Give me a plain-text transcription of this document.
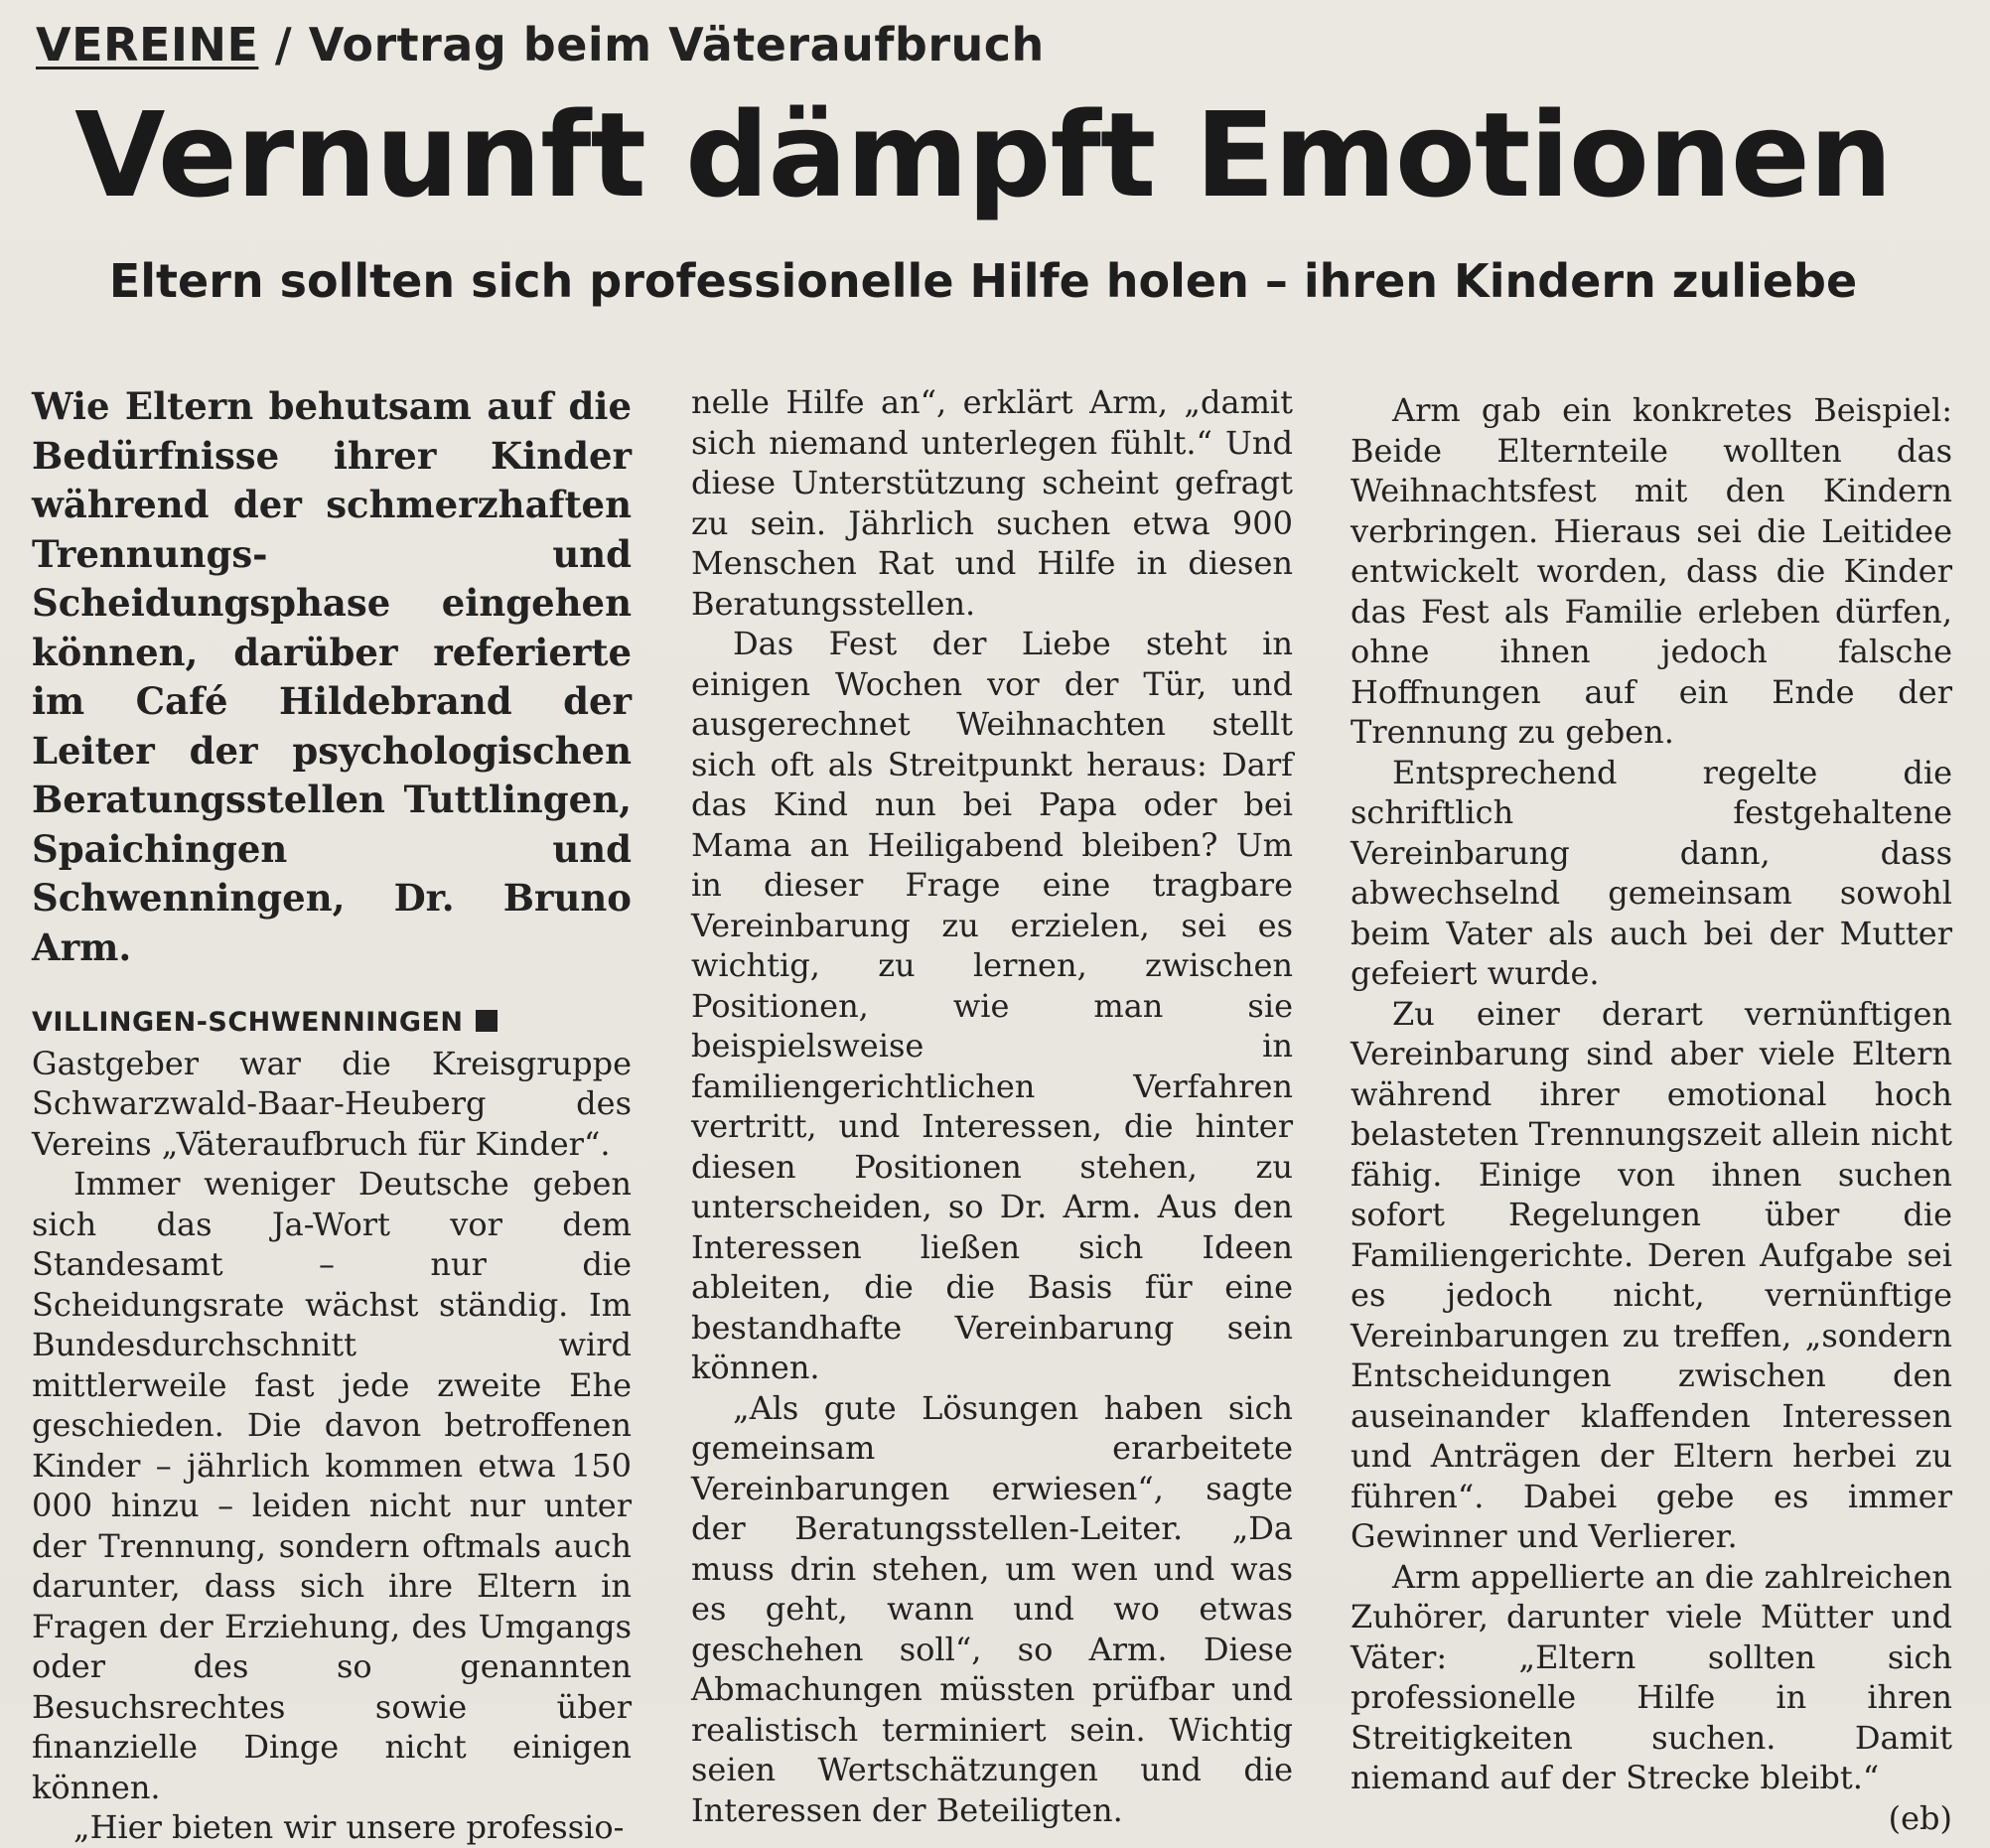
VEREINE / Vortrag beim Väteraufbruch
Vernunft dämpft Emotionen
Eltern sollten sich professionelle Hilfe holen – ihren Kindern zuliebe

Wie Eltern behutsam auf die Bedürfnisse ihrer Kinder während der schmerzhaften Trennungs- und Scheidungsphase eingehen können, darüber referierte im Café Hildebrand der Leiter der psychologischen Beratungsstellen Tuttlingen, Spaichingen und Schwenningen, Dr. Bruno Arm.

VILLINGEN-SCHWENNINGENGastgeber war die Kreisgruppe Schwarzwald-Baar-Heuberg des Vereins „Väteraufbruch für Kinder“.

Immer weniger Deutsche geben sich das Ja-Wort vor dem Standesamt – nur die Scheidungsrate wächst ständig. Im Bundesdurchschnitt wird mittlerweile fast jede zweite Ehe geschieden. Die davon betroffenen Kinder – jährlich kommen etwa 150 000 hinzu – leiden nicht nur unter der Trennung, sondern oftmals auch darunter, dass sich ihre Eltern in Fragen der Erziehung, des Umgangs oder des so genannten Besuchsrechtes sowie über finanzielle Dinge nicht einigen können.

„Hier bieten wir unsere professio-

nelle Hilfe an“, erklärt Arm, „damit sich niemand unterlegen fühlt.“ Und diese Unterstützung scheint gefragt zu sein. Jährlich suchen etwa 900 Menschen Rat und Hilfe in diesen Beratungsstellen.

Das Fest der Liebe steht in einigen Wochen vor der Tür, und ausgerechnet Weihnachten stellt sich oft als Streitpunkt heraus: Darf das Kind nun bei Papa oder bei Mama an Heiligabend bleiben? Um in dieser Frage eine tragbare Vereinbarung zu erzielen, sei es wichtig, zu lernen, zwischen Positionen, wie man sie beispielsweise in familiengerichtlichen Verfahren vertritt, und Interessen, die hinter diesen Positionen stehen, zu unterscheiden, so Dr. Arm. Aus den Interessen ließen sich Ideen ableiten, die die Basis für eine bestandhafte Vereinbarung sein können.

„Als gute Lösungen haben sich gemeinsam erarbeitete Vereinbarungen erwiesen“, sagte der Beratungsstellen-Leiter. „Da muss drin stehen, um wen und was es geht, wann und wo etwas geschehen soll“, so Arm. Diese Abmachungen müssten prüfbar und realistisch terminiert sein. Wichtig seien Wertschätzungen und die Interessen der Beteiligten.

Arm gab ein konkretes Beispiel: Beide Elternteile wollten das Weihnachtsfest mit den Kindern verbringen. Hieraus sei die Leitidee entwickelt worden, dass die Kinder das Fest als Familie erleben dürfen, ohne ihnen jedoch falsche Hoffnungen auf ein Ende der Trennung zu geben.

Entsprechend regelte die schriftlich festgehaltene Vereinbarung dann, dass abwechselnd gemeinsam sowohl beim Vater als auch bei der Mutter gefeiert wurde.

Zu einer derart vernünftigen Vereinbarung sind aber viele Eltern während ihrer emotional hoch belasteten Trennungszeit allein nicht fähig. Einige von ihnen suchen sofort Regelungen über die Familiengerichte. Deren Aufgabe sei es jedoch nicht, vernünftige Vereinbarungen zu treffen, „sondern Entscheidungen zwischen den auseinander klaffenden Interessen und Anträgen der Eltern herbei zu führen“. Dabei gebe es immer Gewinner und Verlierer.

Arm appellierte an die zahlreichen Zuhörer, darunter viele Mütter und Väter: „Eltern sollten sich professionelle Hilfe in ihren Streitigkeiten suchen. Damit niemand auf der Strecke bleibt.“

(eb)
